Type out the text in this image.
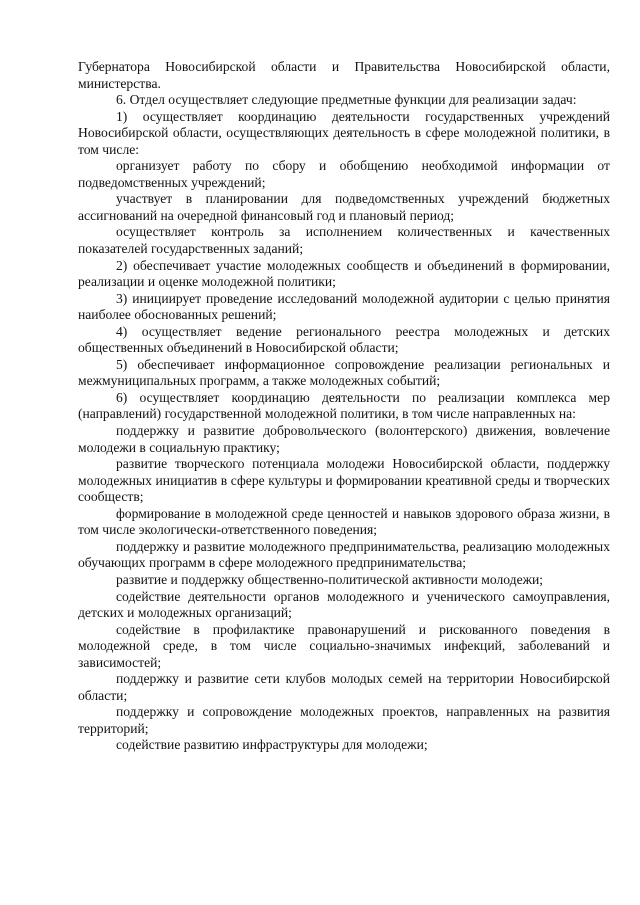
Губернатора Новосибирской области и Правительства Новосибирской области, министерства.

6. Отдел осуществляет следующие предметные функции для реализации задач:

1) осуществляет координацию деятельности государственных учреждений Новосибирской области, осуществляющих деятельность в сфере молодежной политики, в том числе:

организует работу по сбору и обобщению необходимой информации от подведомственных учреждений;

участвует в планировании для подведомственных учреждений бюджетных ассигнований на очередной финансовый год и плановый период;

осуществляет контроль за исполнением количественных и качественных показателей государственных заданий;

2) обеспечивает участие молодежных сообществ и объединений в формировании, реализации и оценке молодежной политики;

3) инициирует проведение исследований молодежной аудитории с целью принятия наиболее обоснованных решений;

4) осуществляет ведение регионального реестра молодежных и детских общественных объединений в Новосибирской области;

5) обеспечивает информационное сопровождение реализации региональных и межмуниципальных программ, а также молодежных событий;

6) осуществляет координацию деятельности по реализации комплекса мер (направлений) государственной молодежной политики, в том числе направленных на:

поддержку и развитие добровольческого (волонтерского) движения, вовлечение молодежи в социальную практику;

развитие творческого потенциала молодежи Новосибирской области, поддержку молодежных инициатив в сфере культуры и формировании креативной среды и творческих сообществ;

формирование в молодежной среде ценностей и навыков здорового образа жизни, в том числе экологически-ответственного поведения;

поддержку и развитие молодежного предпринимательства, реализацию молодежных обучающих программ в сфере молодежного предпринимательства;

развитие и поддержку общественно-политической активности молодежи;

содействие деятельности органов молодежного и ученического самоуправления, детских и молодежных организаций;

содействие в профилактике правонарушений и рискованного поведения в молодежной среде, в том числе социально-значимых инфекций, заболеваний и зависимостей;

поддержку и развитие сети клубов молодых семей на территории Новосибирской области;

поддержку и сопровождение молодежных проектов, направленных на развития территорий;

содействие развитию инфраструктуры для молодежи;
